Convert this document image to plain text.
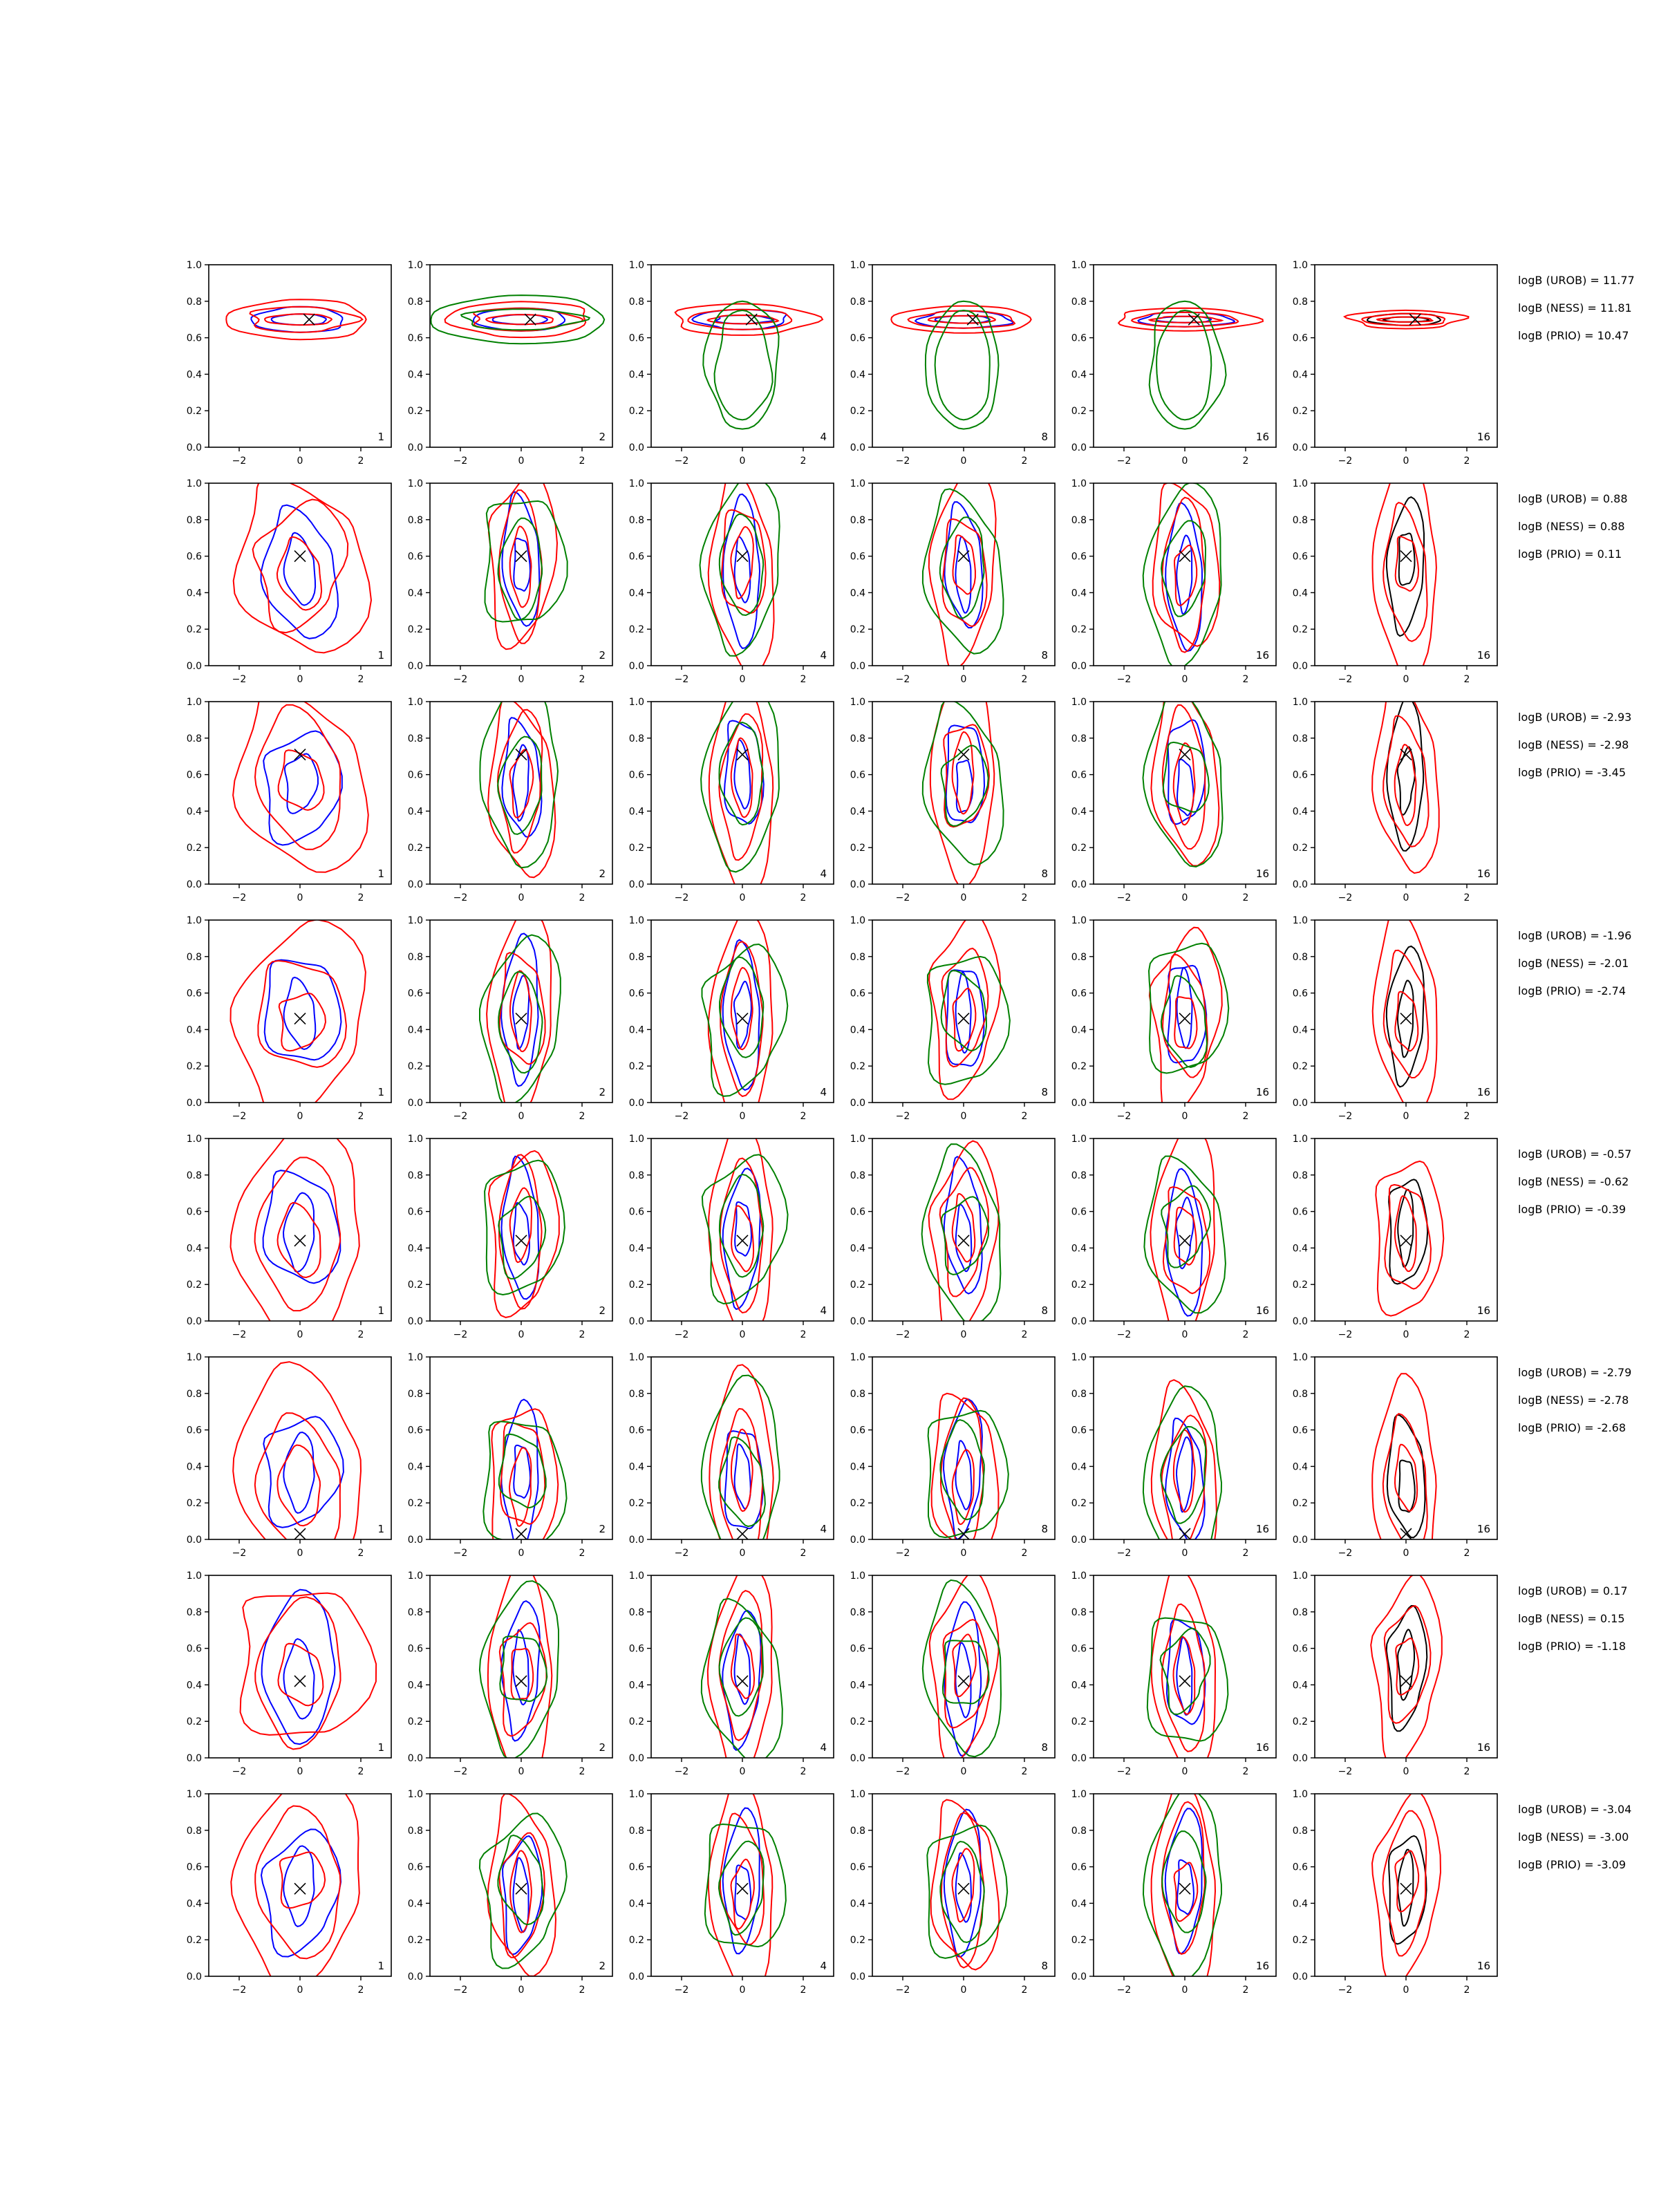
−2	0	2
0.0
0.2
0.4
0.6
0.8
1.0
1
−2	0	2
0.0
0.2
0.4
0.6
0.8
1.0
2
−2	0	2
0.0
0.2
0.4
0.6
0.8
1.0
4
−2	0	2
0.0
0.2
0.4
0.6
0.8
1.0
8
−2	0	2
0.0
0.2
0.4
0.6
0.8
1.0
16
−2	0	2
0.0
0.2
0.4
0.6
0.8
1.0
16
logB (UROB) = 11.77
logB (NESS) = 11.81
logB (PRIO) = 10.47
−2	0	2
0.0
0.2
0.4
0.6
0.8
1.0
1
−2	0	2
0.0
0.2
0.4
0.6
0.8
1.0
2
−2	0	2
0.0
0.2
0.4
0.6
0.8
1.0
4
−2	0	2
0.0
0.2
0.4
0.6
0.8
1.0
8
−2	0	2
0.0
0.2
0.4
0.6
0.8
1.0
16
−2	0	2
0.0
0.2
0.4
0.6
0.8
1.0
16
logB (UROB) = 0.88
logB (NESS) = 0.88
logB (PRIO) = 0.11
−2	0	2
0.0
0.2
0.4
0.6
0.8
1.0
1
−2	0	2
0.0
0.2
0.4
0.6
0.8
1.0
2
−2	0	2
0.0
0.2
0.4
0.6
0.8
1.0
4
−2	0	2
0.0
0.2
0.4
0.6
0.8
1.0
8
−2	0	2
0.0
0.2
0.4
0.6
0.8
1.0
16
−2	0	2
0.0
0.2
0.4
0.6
0.8
1.0
16
logB (UROB) = -2.93
logB (NESS) = -2.98
logB (PRIO) = -3.45
−2	0	2
0.0
0.2
0.4
0.6
0.8
1.0
1
−2	0	2
0.0
0.2
0.4
0.6
0.8
1.0
2
−2	0	2
0.0
0.2
0.4
0.6
0.8
1.0
4
−2	0	2
0.0
0.2
0.4
0.6
0.8
1.0
8
−2	0	2
0.0
0.2
0.4
0.6
0.8
1.0
16
−2	0	2
0.0
0.2
0.4
0.6
0.8
1.0
16
logB (UROB) = -1.96
logB (NESS) = -2.01
logB (PRIO) = -2.74
−2	0	2
0.0
0.2
0.4
0.6
0.8
1.0
1
−2	0	2
0.0
0.2
0.4
0.6
0.8
1.0
2
−2	0	2
0.0
0.2
0.4
0.6
0.8
1.0
4
−2	0	2
0.0
0.2
0.4
0.6
0.8
1.0
8
−2	0	2
0.0
0.2
0.4
0.6
0.8
1.0
16
−2	0	2
0.0
0.2
0.4
0.6
0.8
1.0
16
logB (UROB) = -0.57
logB (NESS) = -0.62
logB (PRIO) = -0.39
−2	0	2
0.0
0.2
0.4
0.6
0.8
1.0
1
−2	0	2
0.0
0.2
0.4
0.6
0.8
1.0
2
−2	0	2
0.0
0.2
0.4
0.6
0.8
1.0
4
−2	0	2
0.0
0.2
0.4
0.6
0.8
1.0
8
−2	0	2
0.0
0.2
0.4
0.6
0.8
1.0
16
−2	0	2
0.0
0.2
0.4
0.6
0.8
1.0
16
logB (UROB) = -2.79
logB (NESS) = -2.78
logB (PRIO) = -2.68
−2	0	2
0.0
0.2
0.4
0.6
0.8
1.0
1
−2	0	2
0.0
0.2
0.4
0.6
0.8
1.0
2
−2	0	2
0.0
0.2
0.4
0.6
0.8
1.0
4
−2	0	2
0.0
0.2
0.4
0.6
0.8
1.0
8
−2	0	2
0.0
0.2
0.4
0.6
0.8
1.0
16
−2	0	2
0.0
0.2
0.4
0.6
0.8
1.0
16
logB (UROB) = 0.17
logB (NESS) = 0.15
logB (PRIO) = -1.18
−2	0	2
0.0
0.2
0.4
0.6
0.8
1.0
1
−2	0	2
0.0
0.2
0.4
0.6
0.8
1.0
2
−2	0	2
0.0
0.2
0.4
0.6
0.8
1.0
4
−2	0	2
0.0
0.2
0.4
0.6
0.8
1.0
8
−2	0	2
0.0
0.2
0.4
0.6
0.8
1.0
16
−2	0	2
0.0
0.2
0.4
0.6
0.8
1.0
16
logB (UROB) = -3.04
logB (NESS) = -3.00
logB (PRIO) = -3.09
